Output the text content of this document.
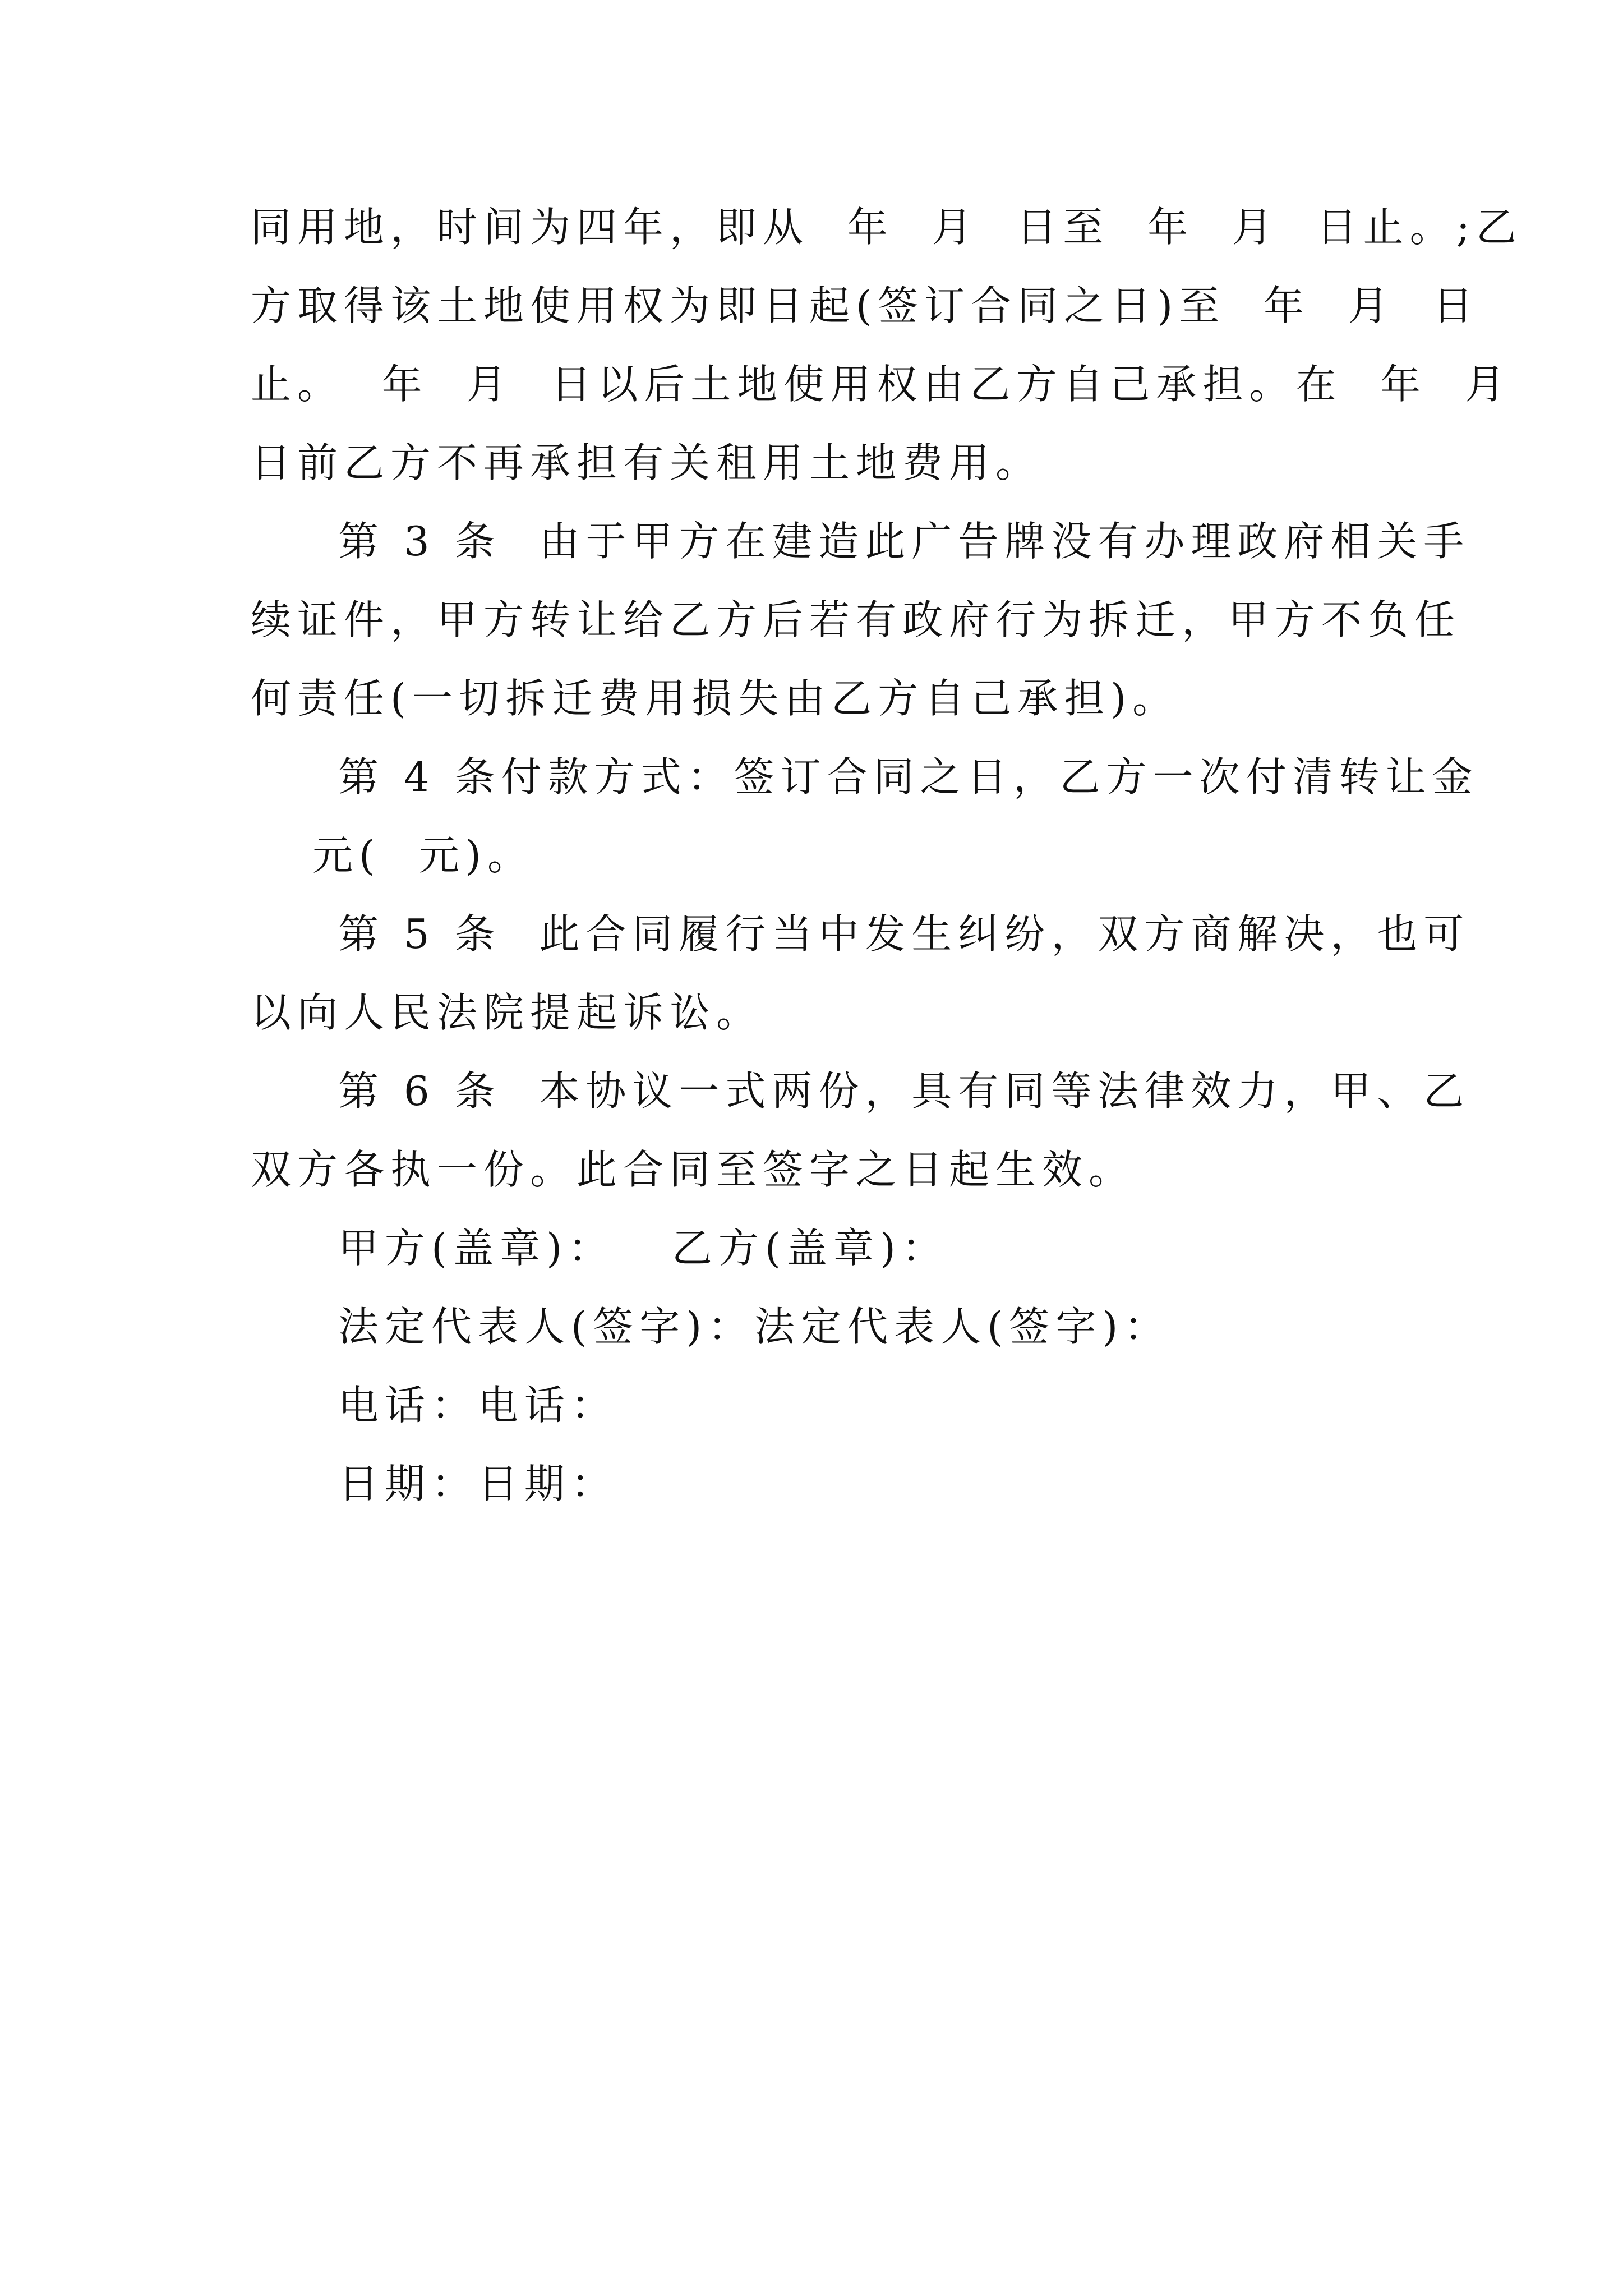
同用地，时间为四年，即从  年  月  日至  年  月  日止。;乙
方取得该土地使用权为即日起(签订合同之日)至  年  月  日
止。  年  月  日以后土地使用权由乙方自己承担。在  年  月
日前乙方不再承担有关租用土地费用。
第 3 条  由于甲方在建造此广告牌没有办理政府相关手
续证件，甲方转让给乙方后若有政府行为拆迁，甲方不负任
何责任(一切拆迁费用损失由乙方自己承担)。
第 4 条付款方式：签订合同之日，乙方一次付清转让金
元(  元)。
第 5 条  此合同履行当中发生纠纷，双方商解决，也可
以向人民法院提起诉讼。
第 6 条  本协议一式两份，具有同等法律效力，甲、乙
双方各执一份。此合同至签字之日起生效。
甲方(盖章)：   乙方(盖章)：
法定代表人(签字)：法定代表人(签字)：
电话：电话：
日期：日期：
